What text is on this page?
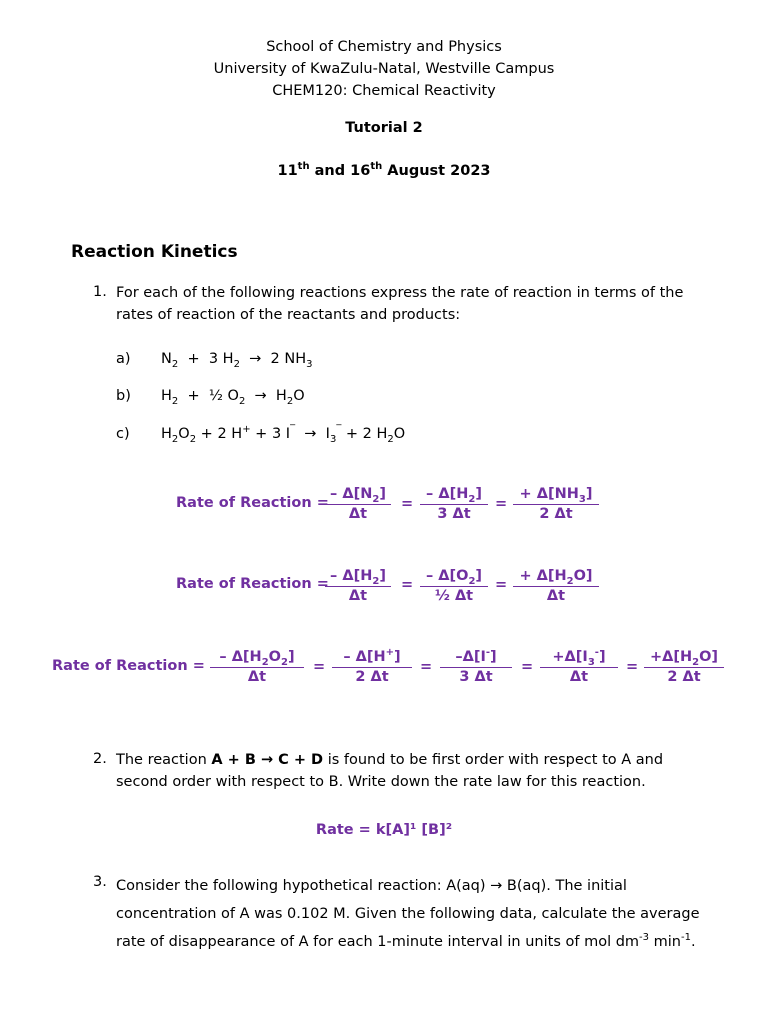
School of Chemistry and Physics
University of KwaZulu-Natal, Westville Campus
CHEM120: Chemical Reactivity
Tutorial 2
11th and 16th August 2023
Reaction Kinetics
1. For each of the following reactions express the rate of reaction in terms of the rates of reaction of the reactants and products:
a) $N_2 + 3$ $H_2 \to 2$ $NH_3$
b) $H_2$  +  ½ $O_2 \to H_2O$
c) $H_2O_2 + 2$ H+ + 3 $I^‾ \to I_3^‾ + 2$ $H_2O$
Rate of Reaction =
$\frac{- \Delta[N_2]}{\Delta t} = \frac{- \Delta[H_2]}{3 \Delta t} = \frac{+ \Delta[NH_3]}{2 \Delta t}$
Rate of Reaction =
$\frac{- \Delta[H_2]}{\Delta t} = \frac{- \Delta[O_2]}{\text{½ Δt}} = \frac{+ \Delta[H_2O]}{\Delta t}$
Rate of Reaction = $\frac{- \Delta[H_2O_2]}{\Delta t} = \frac{- \Delta[H^+]}{2 \Delta t} = \frac{-\Delta[I^-]}{3 \Delta t} = \frac{+\Delta[I_3^-]}{\Delta t} = \frac{+\Delta[H_2O]}{2 \Delta t}$
2. The reaction A + B → C + D is found to be first order with respect to A and second order with respect to B. Write down the rate law for this reaction.
Rate = k[A]¹ [B]²
3. Consider the following hypothetical reaction: A(aq) → B(aq). The initial concentration of A was 0.102 M. Given the following data, calculate the average rate of disappearance of A for each 1-minute interval in units of mol $dm^{-3}$ $\min^{-1}$.
